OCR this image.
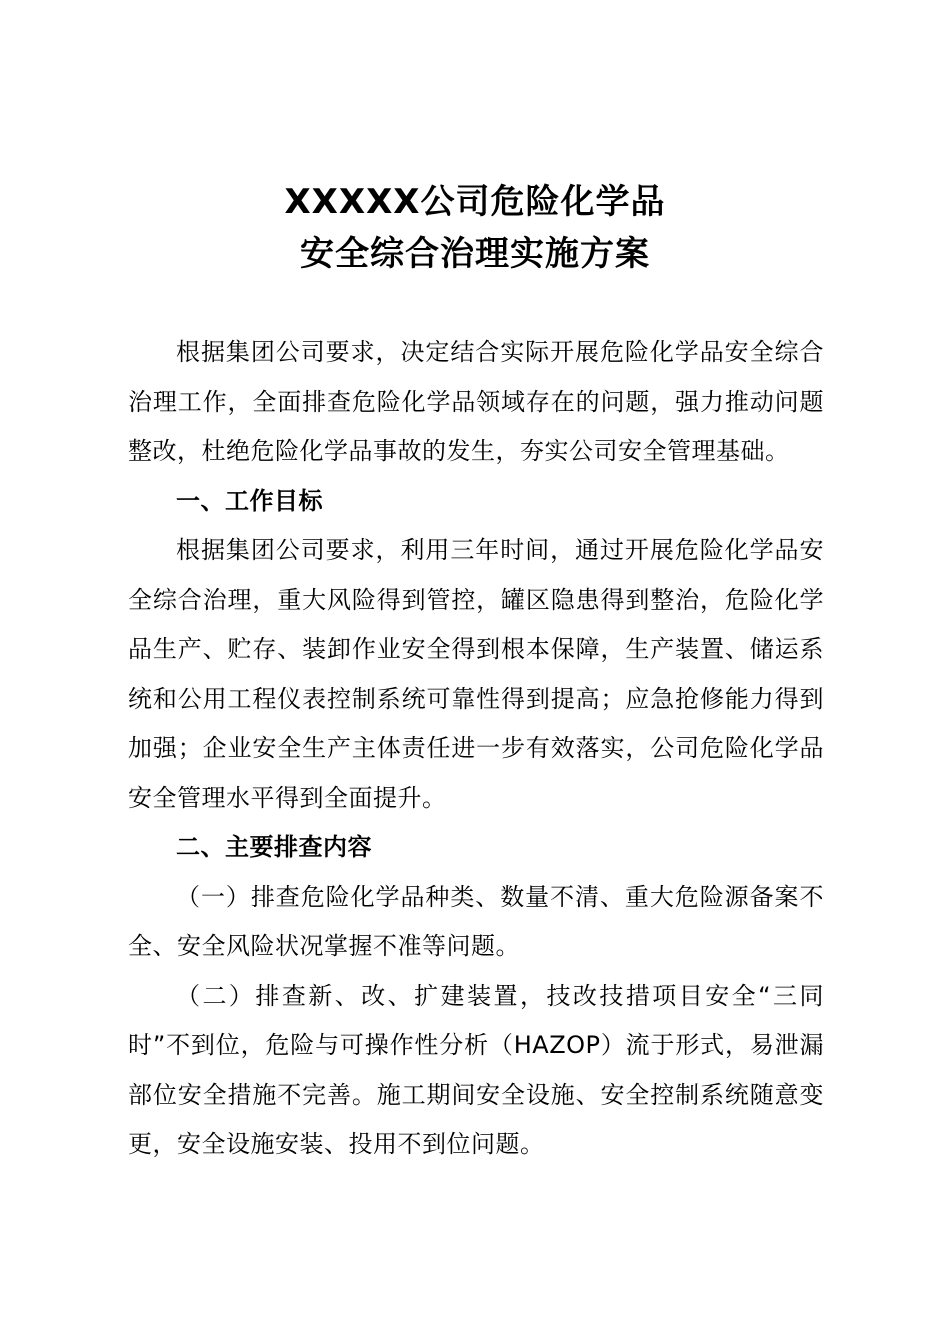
XXXXX公司危险化学品
安全综合治理实施方案

根据集团公司要求，决定结合实际开展危险化学品安全综合治理工作，全面排查危险化学品领域存在的问题，强力推动问题整改，杜绝危险化学品事故的发生，夯实公司安全管理基础。

一、工作目标

根据集团公司要求，利用三年时间，通过开展危险化学品安全综合治理，重大风险得到管控，罐区隐患得到整治，危险化学品生产、贮存、装卸作业安全得到根本保障，生产装置、储运系统和公用工程仪表控制系统可靠性得到提高；应急抢修能力得到加强；企业安全生产主体责任进一步有效落实，公司危险化学品安全管理水平得到全面提升。

二、主要排查内容

（一）排查危险化学品种类、数量不清、重大危险源备案不全、安全风险状况掌握不准等问题。

（二）排查新、改、扩建装置，技改技措项目安全“三同时”不到位，危险与可操作性分析（HAZOP）流于形式，易泄漏部位安全措施不完善。施工期间安全设施、安全控制系统随意变更，安全设施安装、投用不到位问题。
